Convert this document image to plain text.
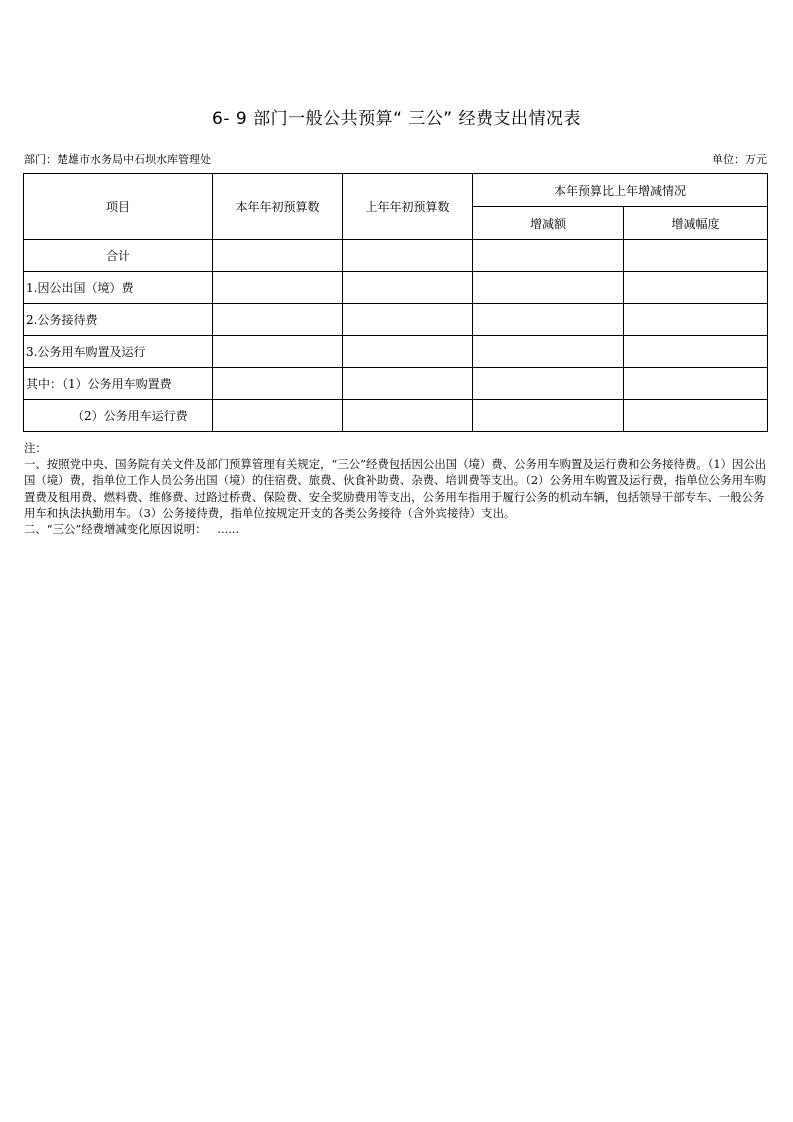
6- 9 部门一般公共预算“ 三公” 经费支出情况表
部门：楚雄市水务局中石坝水库管理处	单位：万元
项目	本年年初预算数	上年年初预算数	本年预算比上年增减情况	
			增减额	增减幅度
合计				
1.因公出国（境）费				
2.公务接待费				
3.公务用车购置及运行				
其中：（1）公务用车购置费				
（2）公务用车运行费				

注：

一、按照党中央、国务院有关文件及部门预算管理有关规定，“三公”经费包括因公出国（境）费、公务用车购置及运行费和公务接待费。（1）因公出国（境）费，指单位工作人员公务出国（境）的住宿费、旅费、伙食补助费、杂费、培训费等支出。（2）公务用车购置及运行费，指单位公务用车购置费及租用费、燃料费、维修费、过路过桥费、保险费、安全奖励费用等支出，公务用车指用于履行公务的机动车辆，包括领导干部专车、一般公务用车和执法执勤用车。（3）公务接待费，指单位按规定开支的各类公务接待（含外宾接待）支出。

二、“三公”经费增减变化原因说明：   ......
